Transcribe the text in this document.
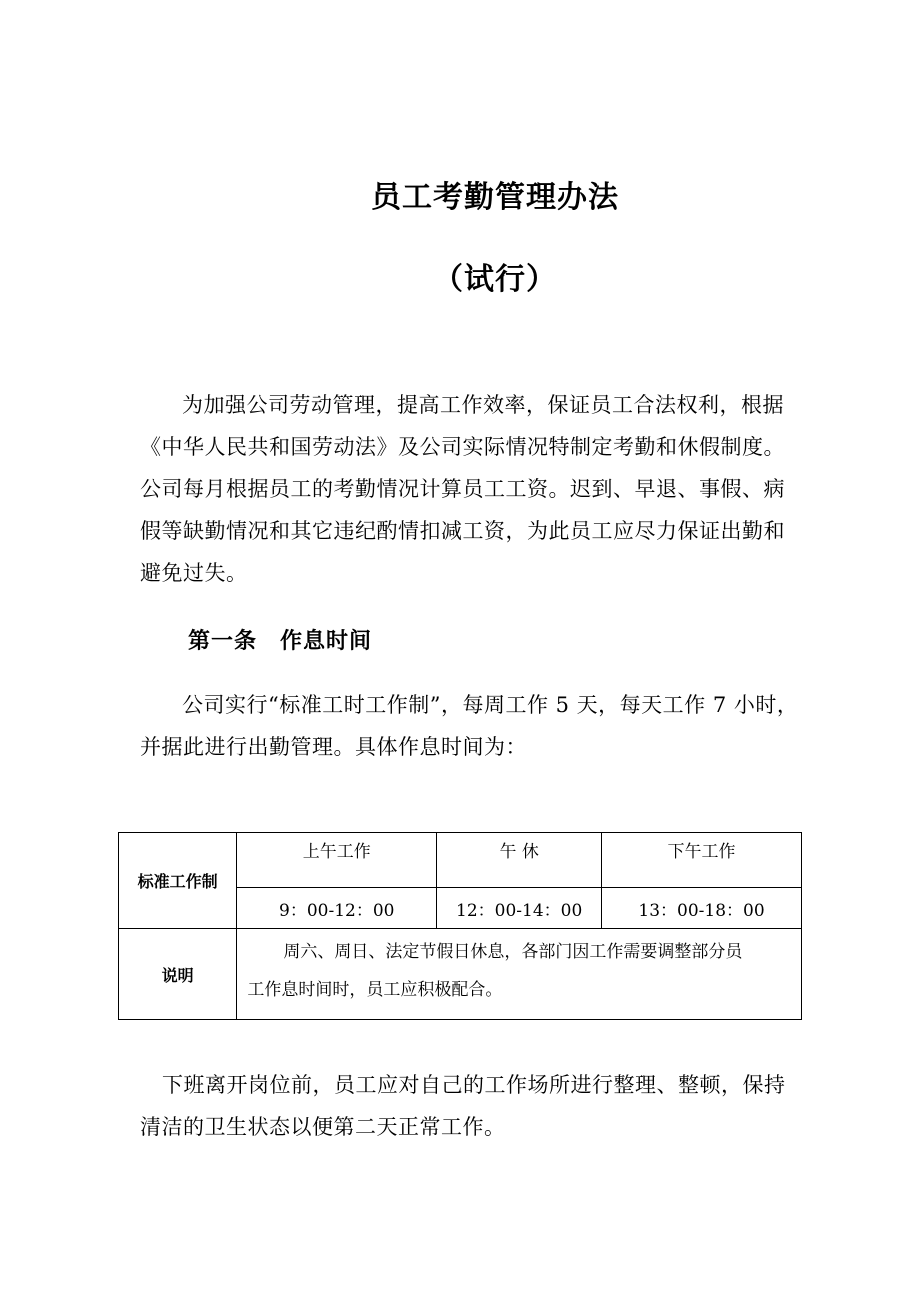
员工考勤管理办法
（试行）
为加强公司劳动管理，提高工作效率，保证员工合法权利，根据
《中华人民共和国劳动法》及公司实际情况特制定考勤和休假制度。
公司每月根据员工的考勤情况计算员工工资。迟到、早退、事假、病
假等缺勤情况和其它违纪酌情扣减工资，为此员工应尽力保证出勤和
避免过失。
第一条　作息时间
公司实行“标准工时工作制”，每周工作 5 天，每天工作 7 小时，
并据此进行出勤管理。具体作息时间为：
标准工作制	上午工作	午 休	下午工作
	9：00-12：00	12：00-14：00	13：00-18：00
说明	周六、周日、法定节假日休息，各部门因工作需要调整部分员
工作息时间时，员工应积极配合。		
下班离开岗位前，员工应对自己的工作场所进行整理、整顿，保持
清洁的卫生状态以便第二天正常工作。
